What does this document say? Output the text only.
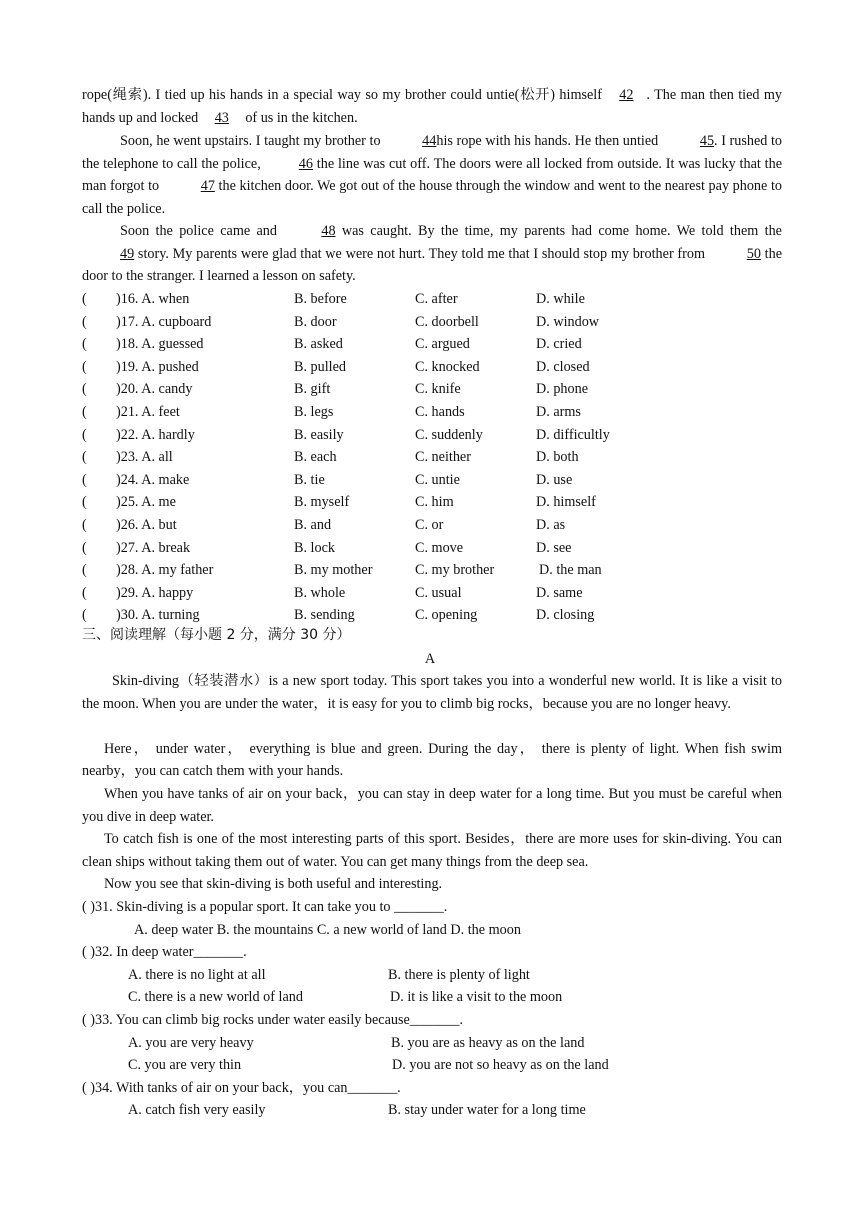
rope(绳索). I tied up his hands in a special way so my brother could untie(松开) himself 42 . The man then tied my hands up and locked 43 of us in the kitchen.
Soon, he went upstairs. I taught my brother to	44his rope with his hands. He then untied	45. I rushed to the telephone to call the police,	46 the line was cut off. The doors were all locked from outside. It was lucky that the man forgot to	47 the kitchen door. We got out of the house through the window and went to the nearest pay phone to call the police.
Soon the police came and	48 was caught. By the time, my parents had come home. We told them the 49 story. My parents were glad that we were not hurt. They told me that I should stop my brother from	50 the door to the stranger. I learned a lesson on safety.
( )16. A. when	B. before	C. after	D. while
( )17. A. cupboard	B. door	C. doorbell	D. window
( )18. A. guessed	B. asked	C. argued	D. cried
( )19. A. pushed	B. pulled	C. knocked	D. closed
( )20. A. candy	B. gift	C. knife	D. phone
( )21. A. feet	B. legs	C. hands	D. arms
( )22. A. hardly	B. easily	C. suddenly	D. difficultly
( )23. A. all	B. each	C. neither	D. both
( )24. A. make	B. tie	C. untie	D. use
( )25. A. me	B. myself	C. him	D. himself
( )26. A. but	B. and	C. or	D. as
( )27. A. break	B. lock	C. move	D. see
( )28. A. my father	B. my mother	C. my brother	D. the man
( )29. A. happy	B. whole	C. usual	D. same
( )30. A. turning	B. sending	C. opening	D. closing
三、阅读理解（每小题 2 分，满分 30 分）
A
Skin-diving（轻装潜水）is a new sport today. This sport takes you into a wonderful new world. It is like a visit to the moon. When you are under the water，it is easy for you to climb big rocks，because you are no longer heavy.
Here， under water， everything is blue and green. During the day， there is plenty of light. When fish swim nearby，you can catch them with your hands.
When you have tanks of air on your back，you can stay in deep water for a long time. But you must be careful when you dive in deep water.
To catch fish is one of the most interesting parts of this sport. Besides，there are more uses for skin-diving. You can clean ships without taking them out of water. You can get many things from the deep sea.
Now you see that skin-diving is both useful and interesting.
( )31. Skin-diving is a popular sport. It can take you to _______.
A. deep water B. the mountains C. a new world of land D. the moon
( )32. In deep water_______.
A. there is no light at all	B. there is plenty of light
C. there is a new world of land	D. it is like a visit to the moon
( )33. You can climb big rocks under water easily because_______.
A. you are very heavy	B. you are as heavy as on the land
C. you are very thin	D. you are not so heavy as on the land
( )34. With tanks of air on your back，you can_______.
A. catch fish very easily	B. stay under water for a long time
